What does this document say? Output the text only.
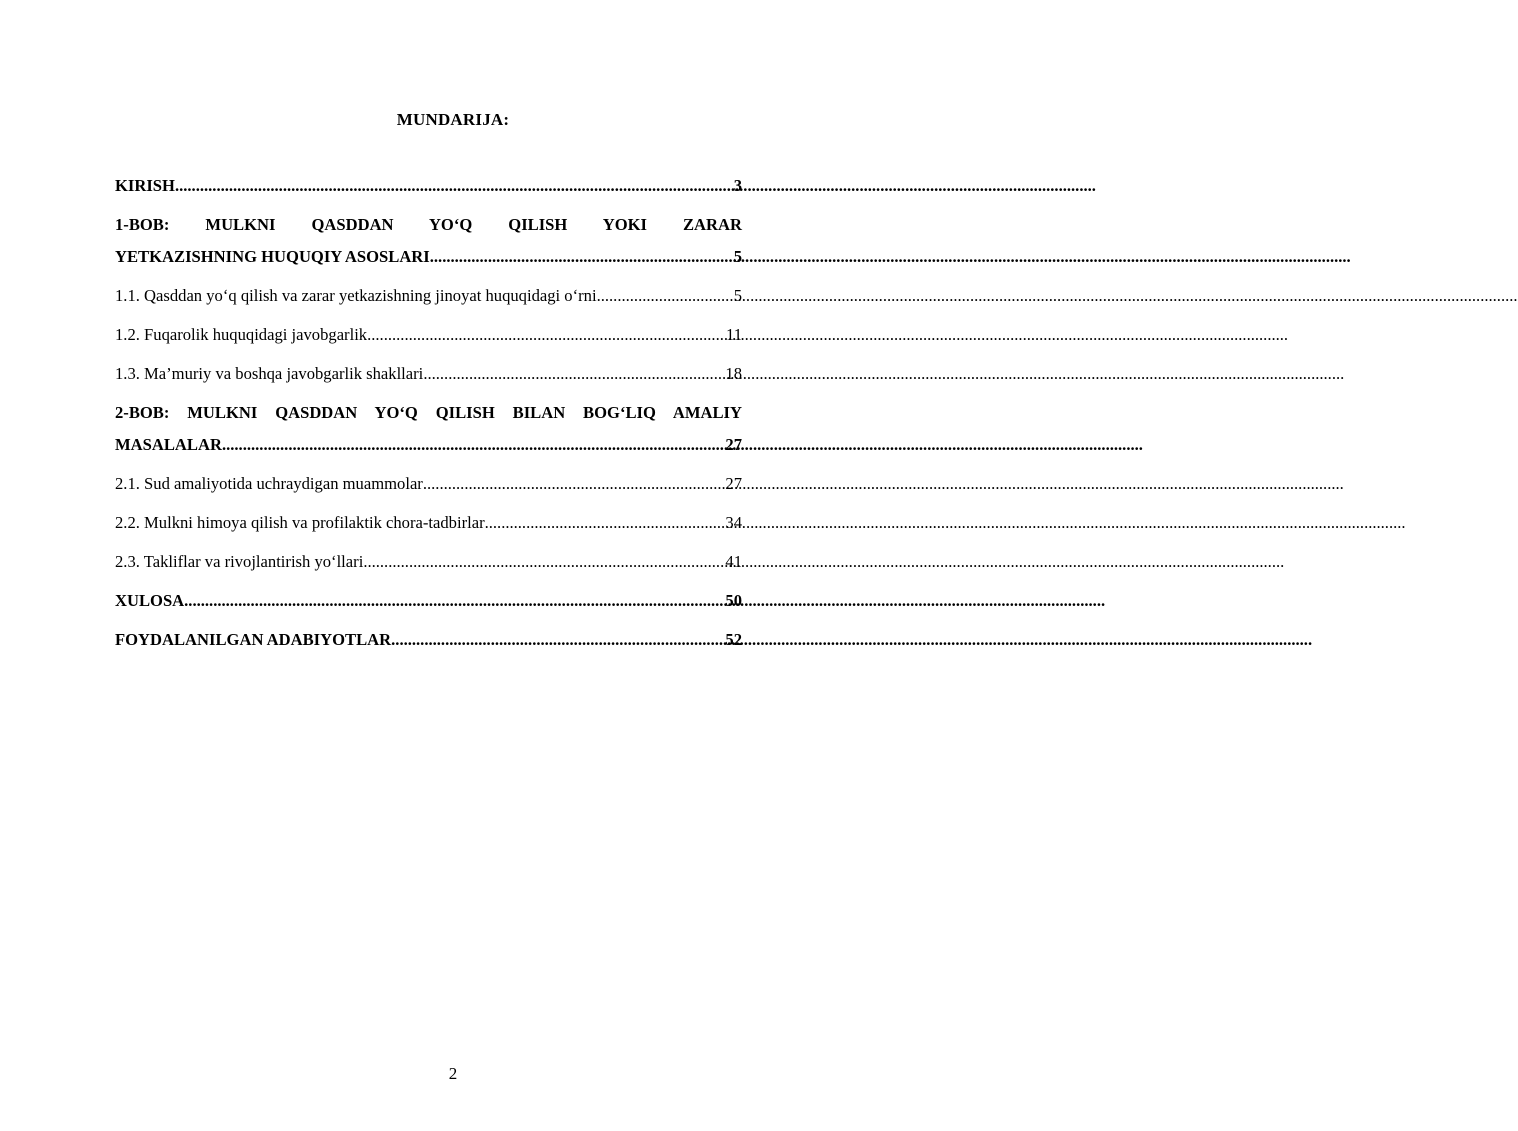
MUNDARIJA:
KIRISH .....	3
1-BOB: MULKNI QASDDAN YO‘Q QILISH YOKI ZARAR
YETKAZISHNING HUQUQIY ASOSLARI .....	5
1.1. Qasddan yo‘q qilish va zarar yetkazishning jinoyat huquqidagi o‘rni .....	5
1.2. Fuqarolik huquqidagi javobgarlik .....	11
1.3. Ma’muriy va boshqa javobgarlik shakllari .....	18
2-BOB: MULKNI QASDDAN YO‘Q QILISH BILAN BOG‘LIQ AMALIY
MASALALAR .....	27
2.1. Sud amaliyotida uchraydigan muammolar .....	27
2.2. Mulkni himoya qilish va profilaktik chora-tadbirlar .....	34
2.3. Takliflar va rivojlantirish yo‘llari .....	41
XULOSA .....	50
FOYDALANILGAN ADABIYOTLAR .....	52
2
